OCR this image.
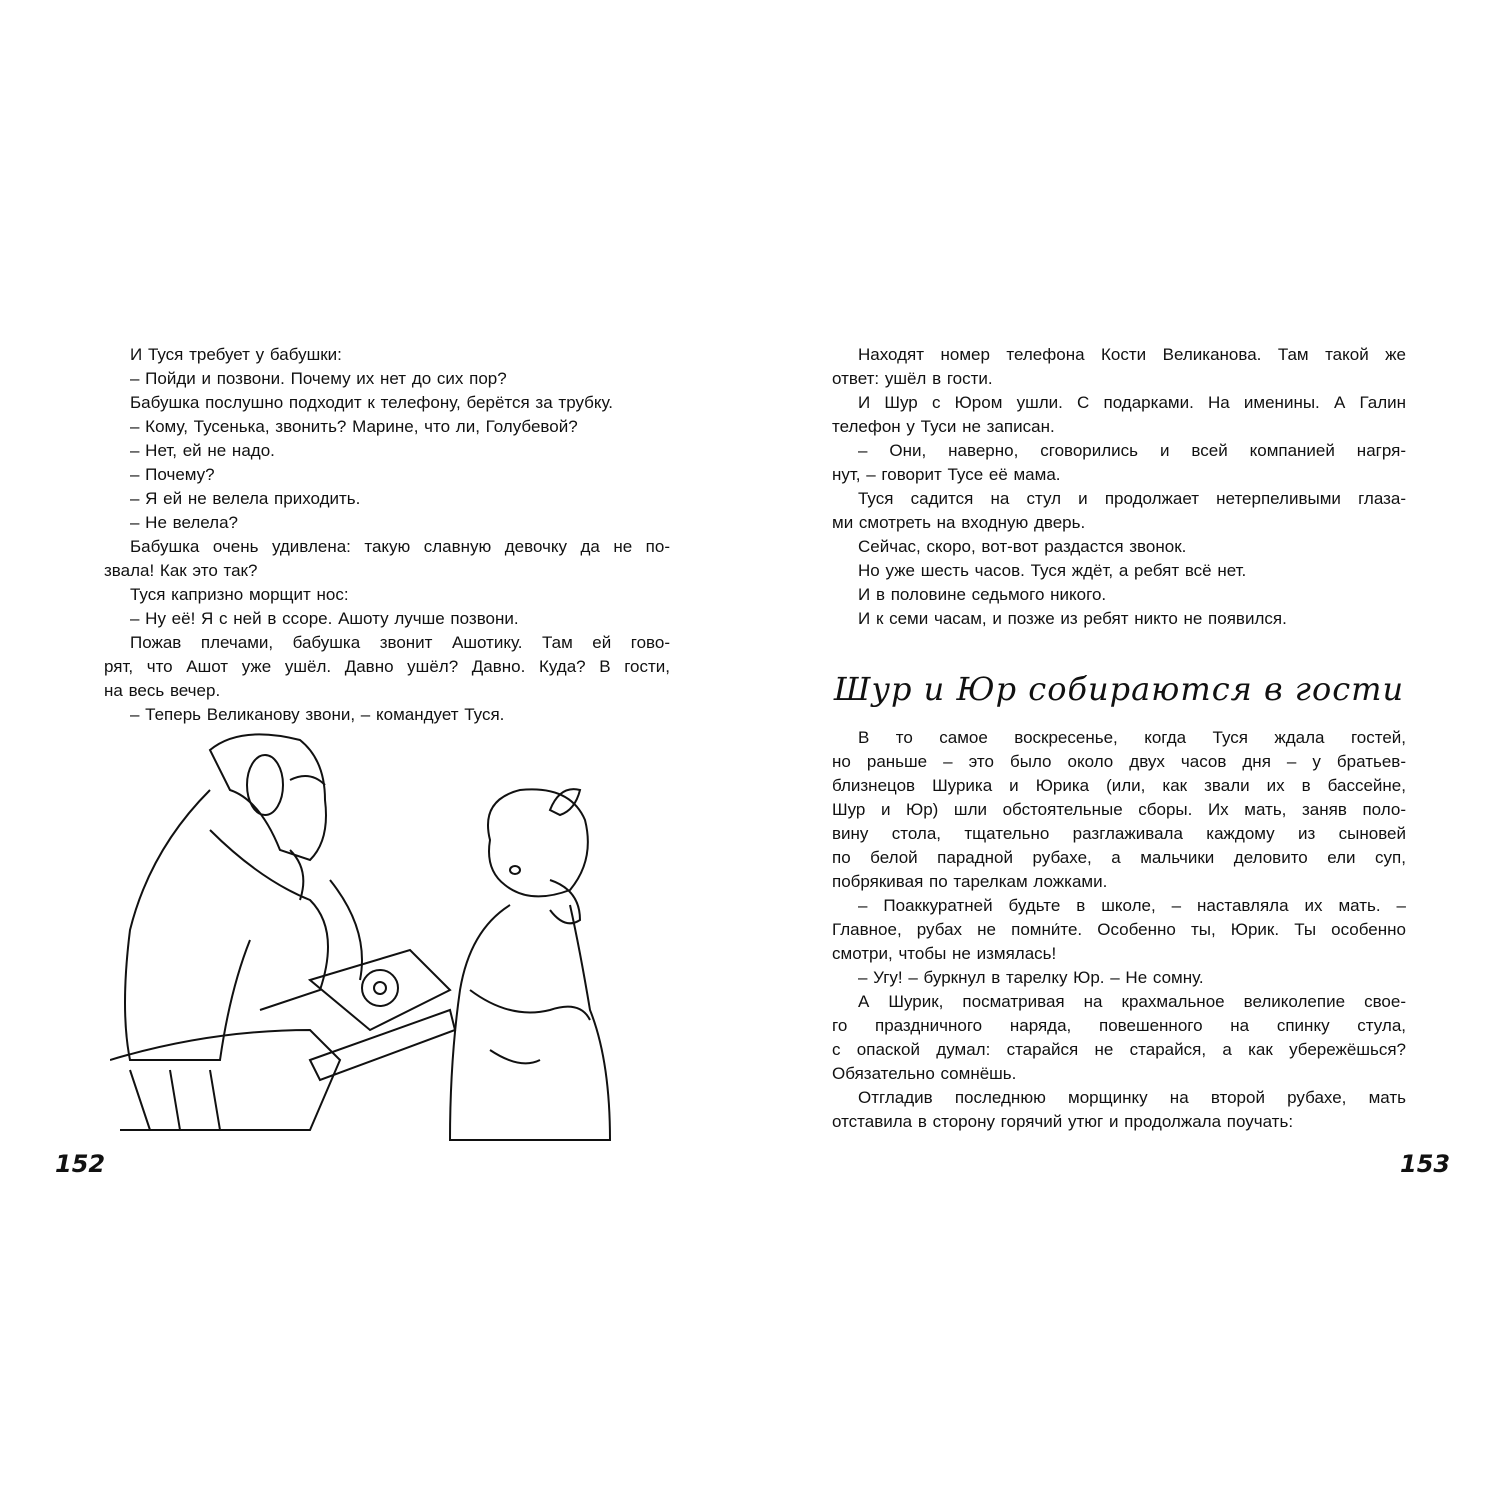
И Туся требует у бабушки:
– Пойди и позвони. Почему их нет до сих пор?
Бабушка послушно подходит к телефону, берётся за трубку.
– Кому, Тусенька, звонить? Марине, что ли, Голубевой?
– Нет, ей не надо.
– Почему?
– Я ей не велела приходить.
– Не велела?
Бабушка очень удивлена: такую славную девочку да не по-
звала! Как это так?
Туся капризно морщит нос:
– Ну её! Я с ней в ссоре. Ашоту лучше позвони.
Пожав плечами, бабушка звонит Ашотику. Там ей гово-
рят, что Ашот уже ушёл. Давно ушёл? Давно. Куда? В гости,
на весь вечер.
– Теперь Великанову звони, – командует Туся.
152
Находят номер телефона Кости Великанова. Там такой же
ответ: ушёл в гости.
И Шур с Юром ушли. С подарками. На именины. А Галин
телефон у Туси не записан.
– Они, наверно, сговорились и всей компанией нагря-
нут, – говорит Тусе её мама.
Туся садится на стул и продолжает нетерпеливыми глаза-
ми смотреть на входную дверь.
Сейчас, скоро, вот-вот раздастся звонок.
Но уже шесть часов. Туся ждёт, а ребят всё нет.
И в половине седьмого никого.
И к семи часам, и позже из ребят никто не появился.
Шур и Юр собираются в гости
В то самое воскресенье, когда Туся ждала гостей,
но раньше – это было около двух часов дня – у братьев-
близнецов Шурика и Юрика (или, как звали их в бассейне,
Шур и Юр) шли обстоятельные сборы. Их мать, заняв поло-
вину стола, тщательно разглаживала каждому из сыновей
по белой парадной рубахе, а мальчики деловито ели суп,
побрякивая по тарелкам ложками.
– Поаккуратней будьте в школе, – наставляла их мать. –
Главное, рубах не помни́те. Особенно ты, Юрик. Ты особенно
смотри, чтобы не измялась!
– Угу! – буркнул в тарелку Юр. – Не сомну.
А Шурик, посматривая на крахмальное великолепие свое-
го праздничного наряда, повешенного на спинку стула,
с опаской думал: старайся не старайся, а как убережёшься?
Обязательно сомнёшь.
Отгладив последнюю морщинку на второй рубахе, мать
отставила в сторону горячий утюг и продолжала поучать:
153
